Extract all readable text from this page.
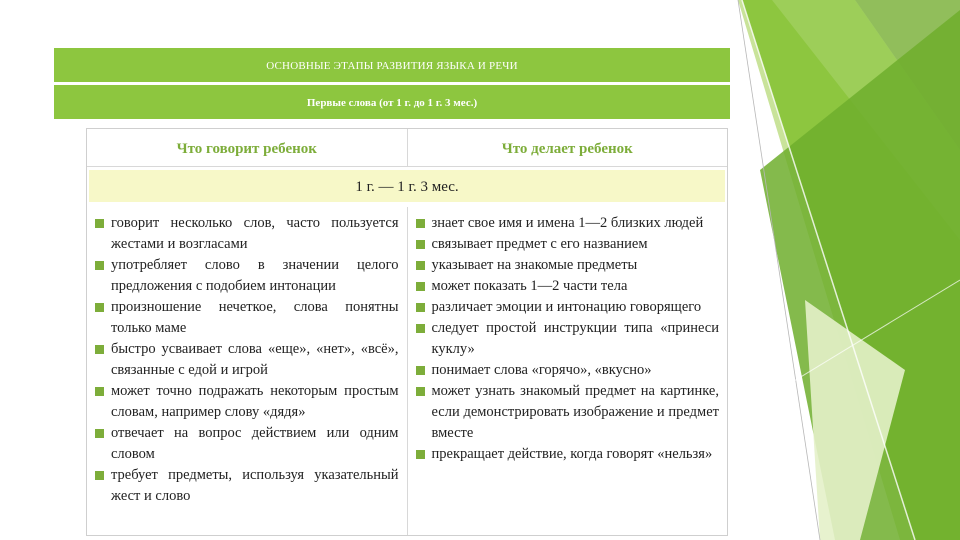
ОСНОВНЫЕ ЭТАПЫ РАЗВИТИЯ ЯЗЫКА И РЕЧИ
Первые слова (от 1 г. до 1 г. 3 мес.)
Что говорит ребенок	Что делает ребенок
1 г. — 1 г. 3 мес.
говорит несколько слов, часто пользуется жестами и возгласами
употребляет слово в значении целого предложения с подобием интонации
произношение нечеткое, слова понятны только маме
быстро усваивает слова «еще», «нет», «всё», связанные с едой и игрой
может точно подражать некоторым простым словам, например слову «дядя»
отвечает на вопрос действием или одним словом
требует предметы, используя указательный жест и слово
знает свое имя и имена 1—2 близких людей
связывает предмет с его названием
указывает на знакомые предметы
может показать 1—2 части тела
различает эмоции и интонацию говорящего
следует простой инструкции типа «принеси куклу»
понимает слова «горячо», «вкусно»
может узнать знакомый предмет на картинке, если демонстрировать изображение и предмет вместе
прекращает действие, когда говорят «нельзя»
